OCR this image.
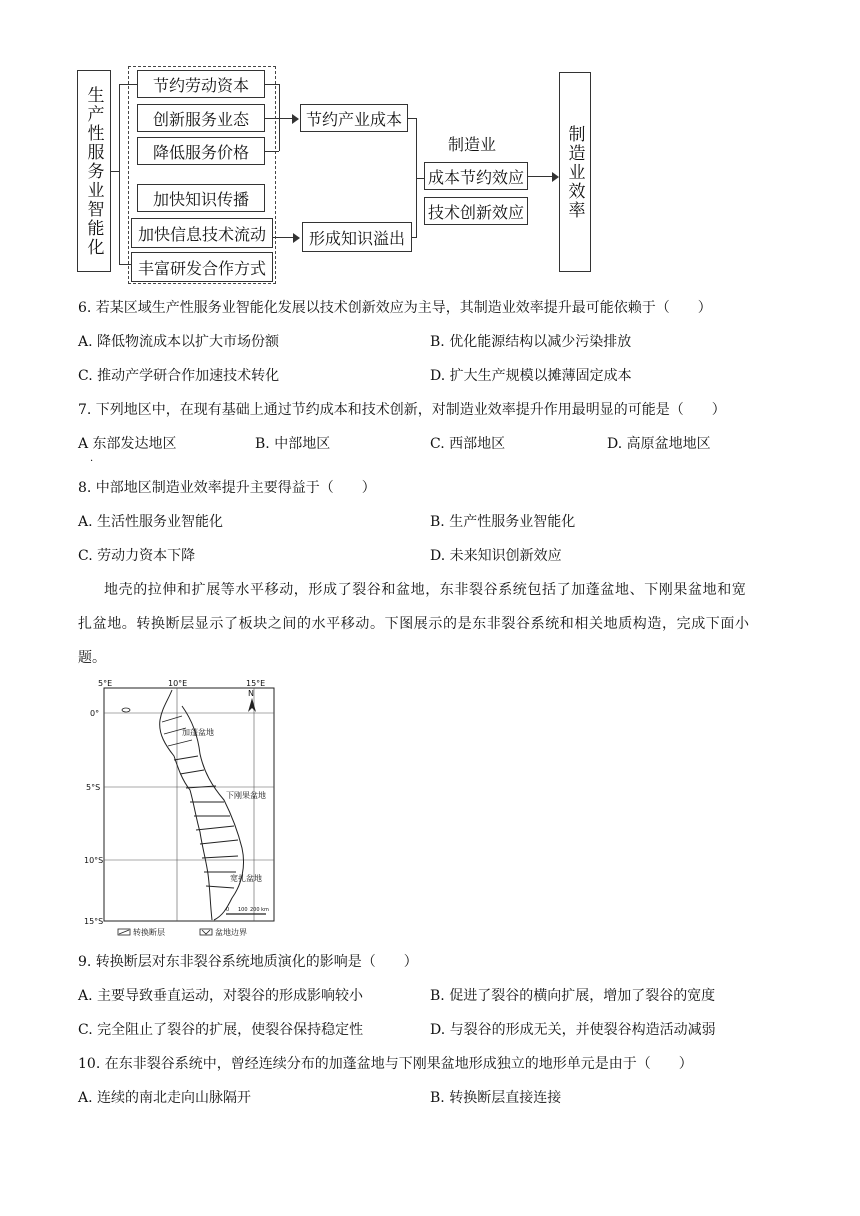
生产性服务业智能化
节约劳动资本
创新服务业态
降低服务价格
加快知识传播
加快信息技术流动
丰富研发合作方式
节约产业成本
形成知识溢出
制造业
成本节约效应
技术创新效应	制造业效率
6. 若某区域生产性服务业智能化发展以技术创新效应为主导，其制造业效率提升最可能依赖于（　　）
A. 降低物流成本以扩大市场份额	B. 优化能源结构以减少污染排放
C. 推动产学研合作加速技术转化	D. 扩大生产规模以摊薄固定成本
7. 下列地区中，在现有基础上通过节约成本和技术创新，对制造业效率提升作用最明显的可能是（　　）
A 东部发达地区
·
B. 中部地区	C. 西部地区	D. 高原盆地地区
8. 中部地区制造业效率提升主要得益于（　　）
A. 生活性服务业智能化	B. 生产性服务业智能化
C. 劳动力资本下降	D. 未来知识创新效应
地壳的拉伸和扩展等水平移动，形成了裂谷和盆地，东非裂谷系统包括了加蓬盆地、下刚果盆地和宽
扎盆地。转换断层显示了板块之间的水平移动。下图展示的是东非裂谷系统和相关地质构造，完成下面小
题。
5°E	10°E	15°E
0°
5°S
10°S
15°S
加蓬盆地
下刚果盆地
宽扎盆地
N
0 100 200 km
转换断层	盆地边界
9. 转换断层对东非裂谷系统地质演化的影响是（　　）
A. 主要导致垂直运动，对裂谷的形成影响较小	B. 促进了裂谷的横向扩展，增加了裂谷的宽度
C. 完全阻止了裂谷的扩展，使裂谷保持稳定性	D. 与裂谷的形成无关，并使裂谷构造活动减弱
10. 在东非裂谷系统中，曾经连续分布的加蓬盆地与下刚果盆地形成独立的地形单元是由于（　　）
A. 连续的南北走向山脉隔开	B. 转换断层直接连接
